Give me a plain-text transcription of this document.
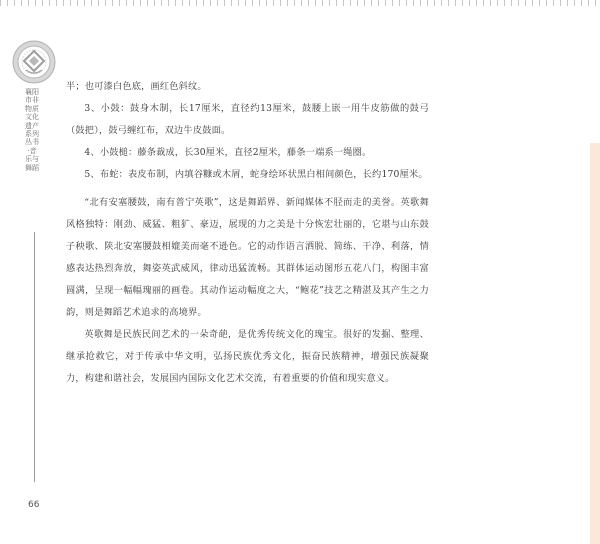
襄阳市非物质文化遗产系列丛书·音乐与舞蹈
66

半；也可漆白色底，画红色斜纹。

3、小鼓：鼓身木制，长17厘米，直径约13厘米，鼓腰上嵌一用牛皮筋做的鼓弓（鼓把），鼓弓缠红布，双边牛皮鼓面。

4、小鼓槌：藤条裁成，长30厘米，直径2厘米，藤条一端系一绳圈。

5、布蛇：表皮布制，内填谷糠或木屑，蛇身绘环状黑白相间颜色，长约170厘米。

“北有安塞腰鼓，南有普宁英歌”，这是舞蹈界、新闻媒体不胫而走的美誉。英歌舞风格独特：刚劲、威猛、粗犷、豪迈，展现的力之美是十分恢宏壮丽的，它堪与山东鼓子秧歌、陕北安塞腰鼓相媲美而毫不逊色。它的动作语言洒脱、简练、干净、利落，情感表达热烈奔放，舞姿英武威风，律动迅猛流畅。其群体运动图形五花八门，构图丰富圆满，呈现一幅幅瑰丽的画卷。其动作运动幅度之大，“鲍花”技艺之精湛及其产生之力韵，则是舞蹈艺术追求的高境界。

英歌舞是民族民间艺术的一朵奇葩，是优秀传统文化的瑰宝。很好的发掘、整理、继承抢救它，对于传承中华文明，弘扬民族优秀文化，振奋民族精神，增强民族凝聚力，构建和谐社会，发展国内国际文化艺术交流，有着重要的价值和现实意义。
